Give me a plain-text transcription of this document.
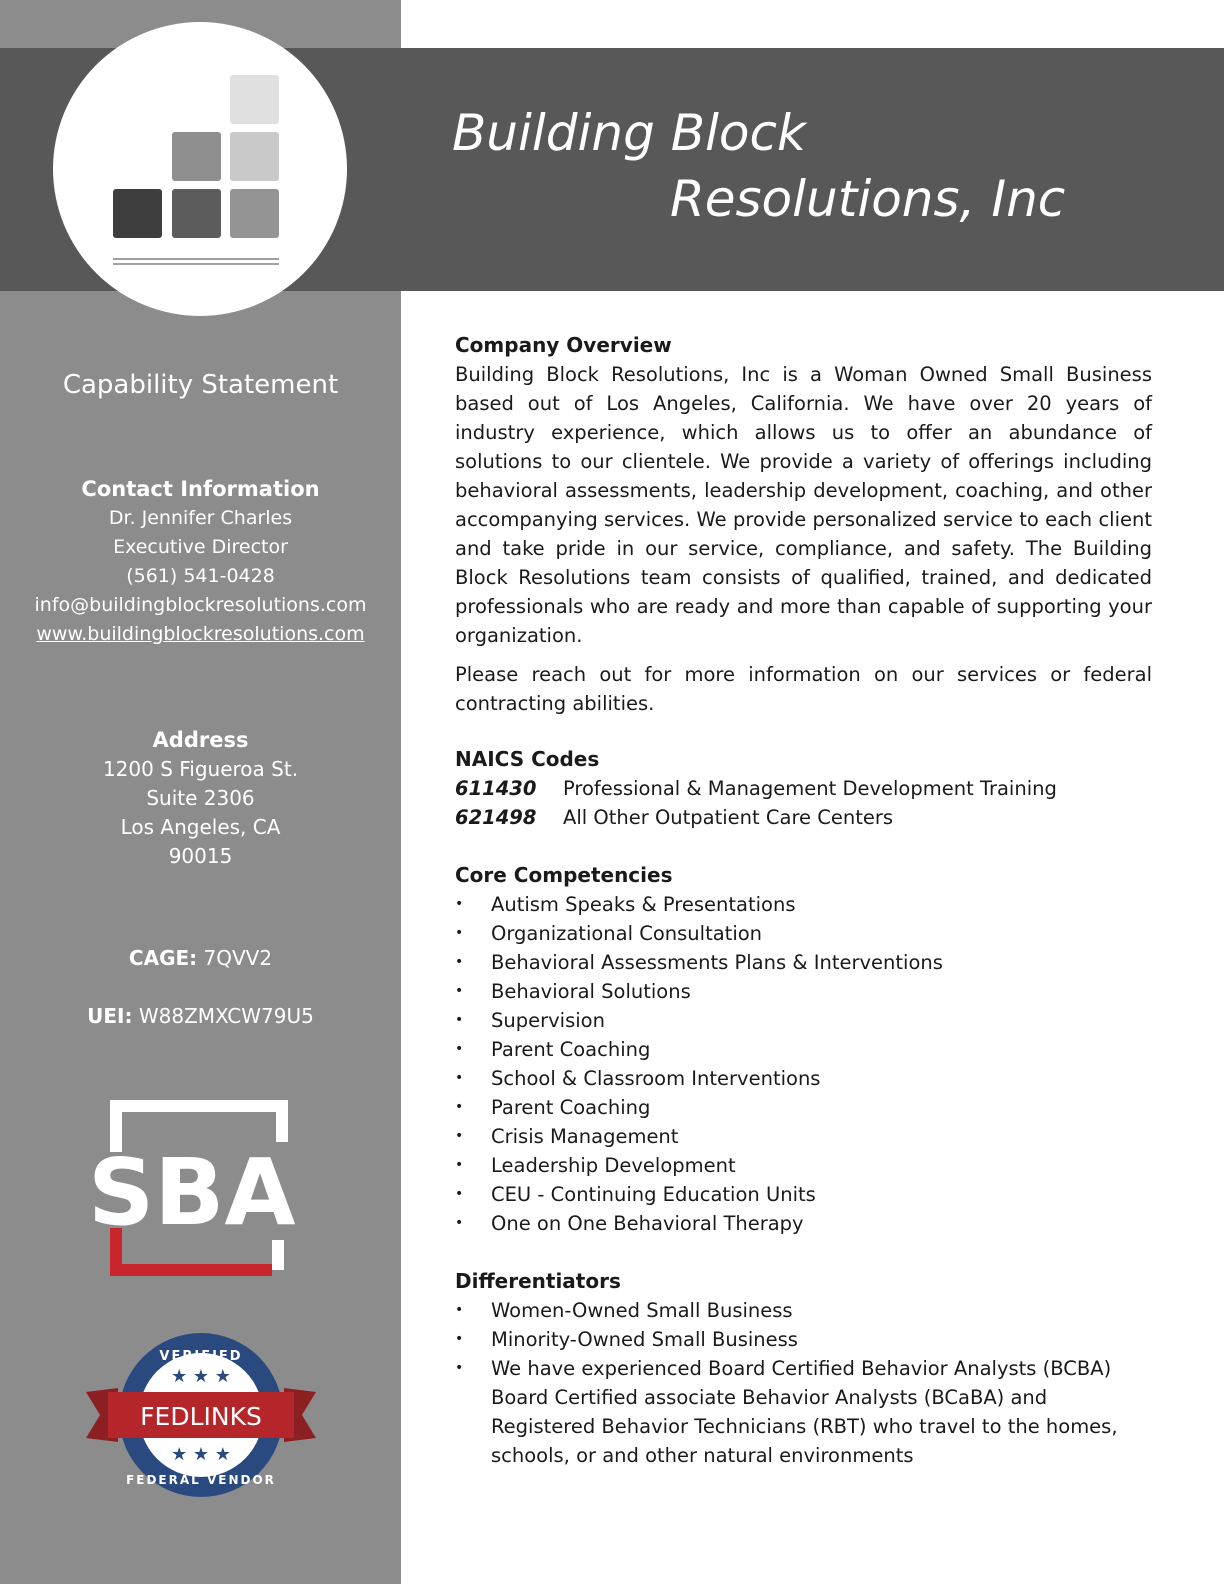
Building Block
Resolutions, Inc
Capability Statement
Contact Information
Dr. Jennifer Charles
Executive Director
(561) 541-0428
info@buildingblockresolutions.com
www.buildingblockresolutions.com
Address
1200 S Figueroa St.
Suite 2306
Los Angeles, CA
90015
CAGE: 7QVV2
UEI: W88ZMXCW79U5
SBA
VERIFIED
★ ★ ★
FEDLINKS
★ ★ ★
FEDERAL VENDOR

Company Overview

Building Block Resolutions, Inc is a Woman Owned Small Business based out of Los Angeles, California. We have over 20 years of industry experience, which allows us to offer an abundance of solutions to our clientele. We provide a variety of offerings including behavioral assessments, leadership development, coaching, and other accompanying services. We provide personalized service to each client and take pride in our service, compliance, and safety. The Building Block Resolutions team consists of qualified, trained, and dedicated professionals who are ready and more than capable of supporting your organization.

Please reach out for more information on our services or federal contracting abilities.

NAICS Codes

611430	Professional & Management Development Training
621498	All Other Outpatient Care Centers

Core Competencies

• Autism Speaks & Presentations
• Organizational Consultation
• Behavioral Assessments Plans & Interventions
• Behavioral Solutions
• Supervision
• Parent Coaching
• School & Classroom Interventions
• Parent Coaching
• Crisis Management
• Leadership Development
• CEU - Continuing Education Units
• One on One Behavioral Therapy

Differentiators

• Women-Owned Small Business
• Minority-Owned Small Business
• We have experienced Board Certified Behavior Analysts (BCBA) Board Certified associate Behavior Analysts (BCaBA) and Registered Behavior Technicians (RBT) who travel to the homes, schools, or and other natural environments
